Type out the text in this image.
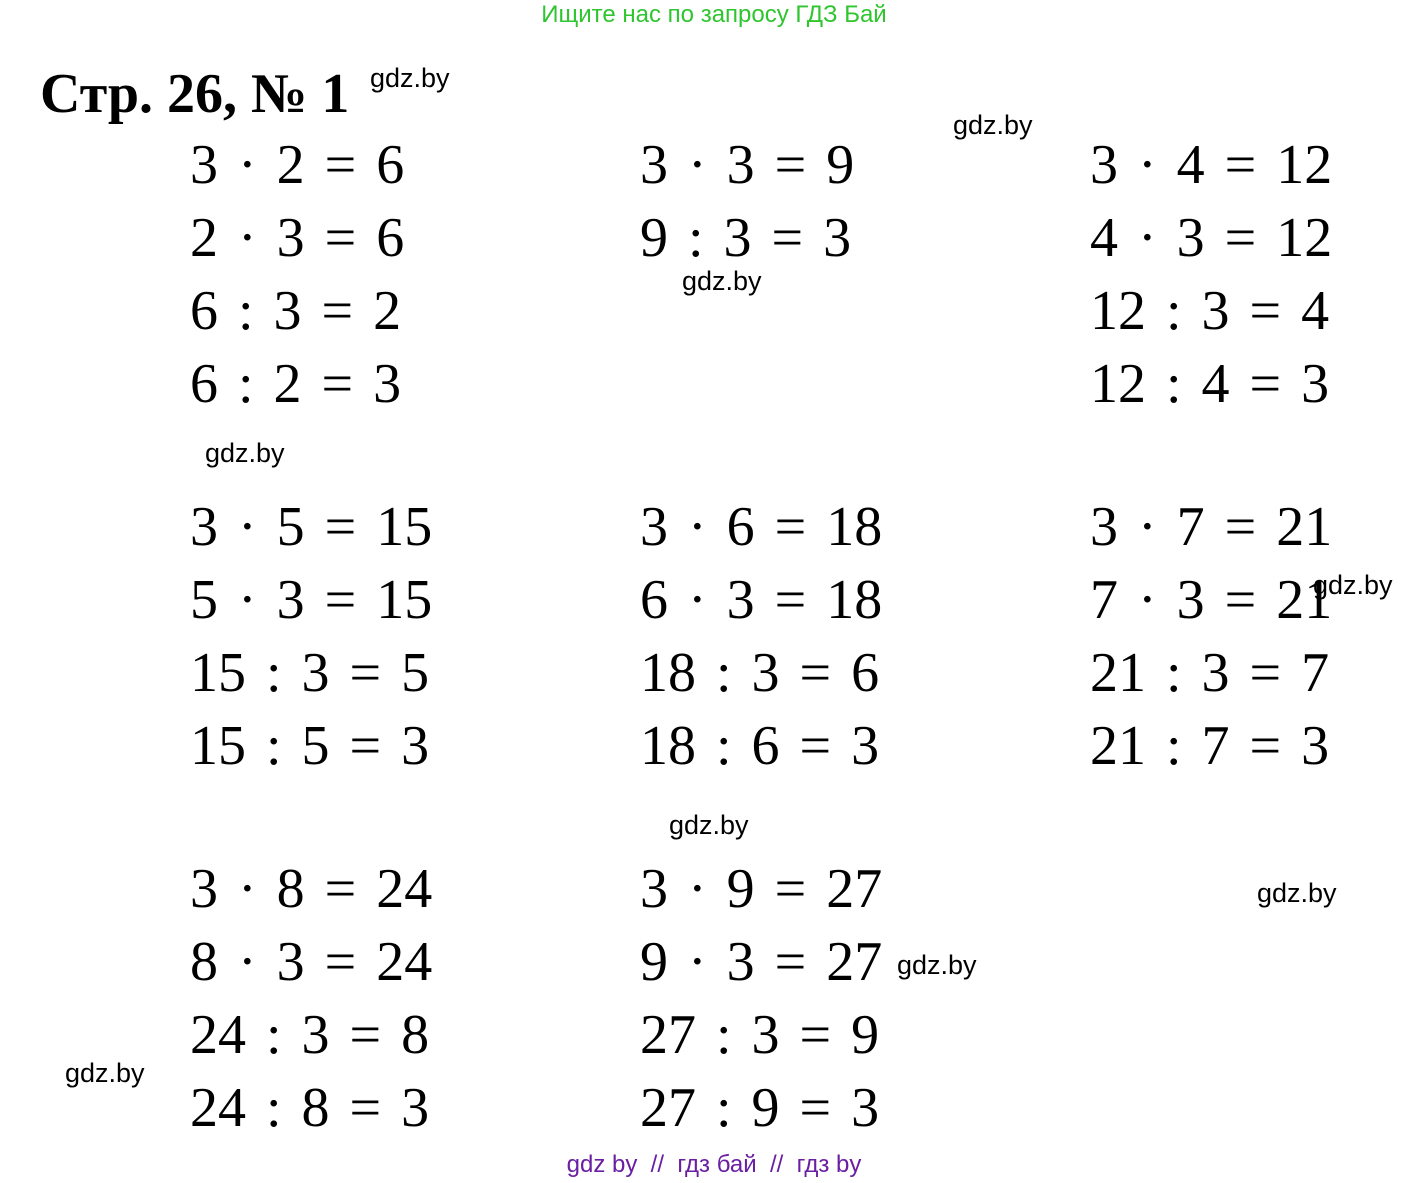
Ищите нас по запросу ГДЗ Бай
Стр. 26, № 1 gdz.by
gdz.by
gdz.by
gdz.by
gdz.by
gdz.by
gdz.by
gdz.by
gdz.by
3 · 2 = 6
2 · 3 = 6
6 : 3 = 2
6 : 2 = 3
3 · 3 = 9
9 : 3 = 3
3 · 4 = 12
4 · 3 = 12
12 : 3 = 4
12 : 4 = 3
3 · 5 = 15
5 · 3 = 15
15 : 3 = 5
15 : 5 = 3
3 · 6 = 18
6 · 3 = 18
18 : 3 = 6
18 : 6 = 3
3 · 7 = 21
7 · 3 = 21
21 : 3 = 7
21 : 7 = 3
3 · 8 = 24
8 · 3 = 24
24 : 3 = 8
24 : 8 = 3
3 · 9 = 27
9 · 3 = 27
27 : 3 = 9
27 : 9 = 3
gdz by  //  гдз бай  //  гдз by
